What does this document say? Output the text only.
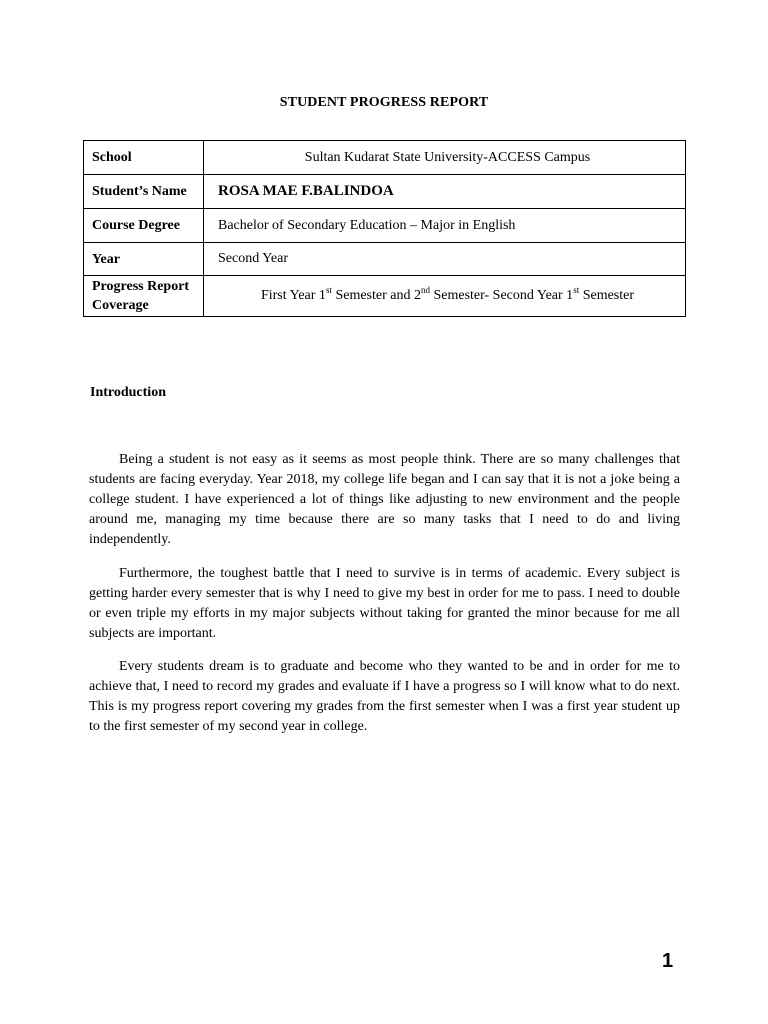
STUDENT PROGRESS REPORT
School	Sultan Kudarat State University-ACCESS Campus
Student’s Name	ROSA MAE F.BALINDOA
Course Degree	Bachelor of Secondary Education – Major in English
Year	Second Year
Progress Report Coverage	First Year 1st Semester and 2nd Semester- Second Year 1st Semester
Introduction

Being a student is not easy as it seems as most people think. There are so many challenges that students are facing everyday. Year 2018, my college life began and I can say that it is not a joke being a college student. I have experienced a lot of things like adjusting to new environment and the people around me, managing my time because there are so many tasks that I need to do and living independently.

Furthermore, the toughest battle that I need to survive is in terms of academic. Every subject is getting harder every semester that is why I need to give my best in order for me to pass. I need to double or even triple my efforts in my major subjects without taking for granted the minor because for me all subjects are important.

Every students dream is to graduate and become who they wanted to be and in order for me to achieve that, I need to record my grades and evaluate if I have a progress so I will know what to do next. This is my progress report covering my grades from the first semester when I was a first year student up to the first semester of my second year in college.

1
